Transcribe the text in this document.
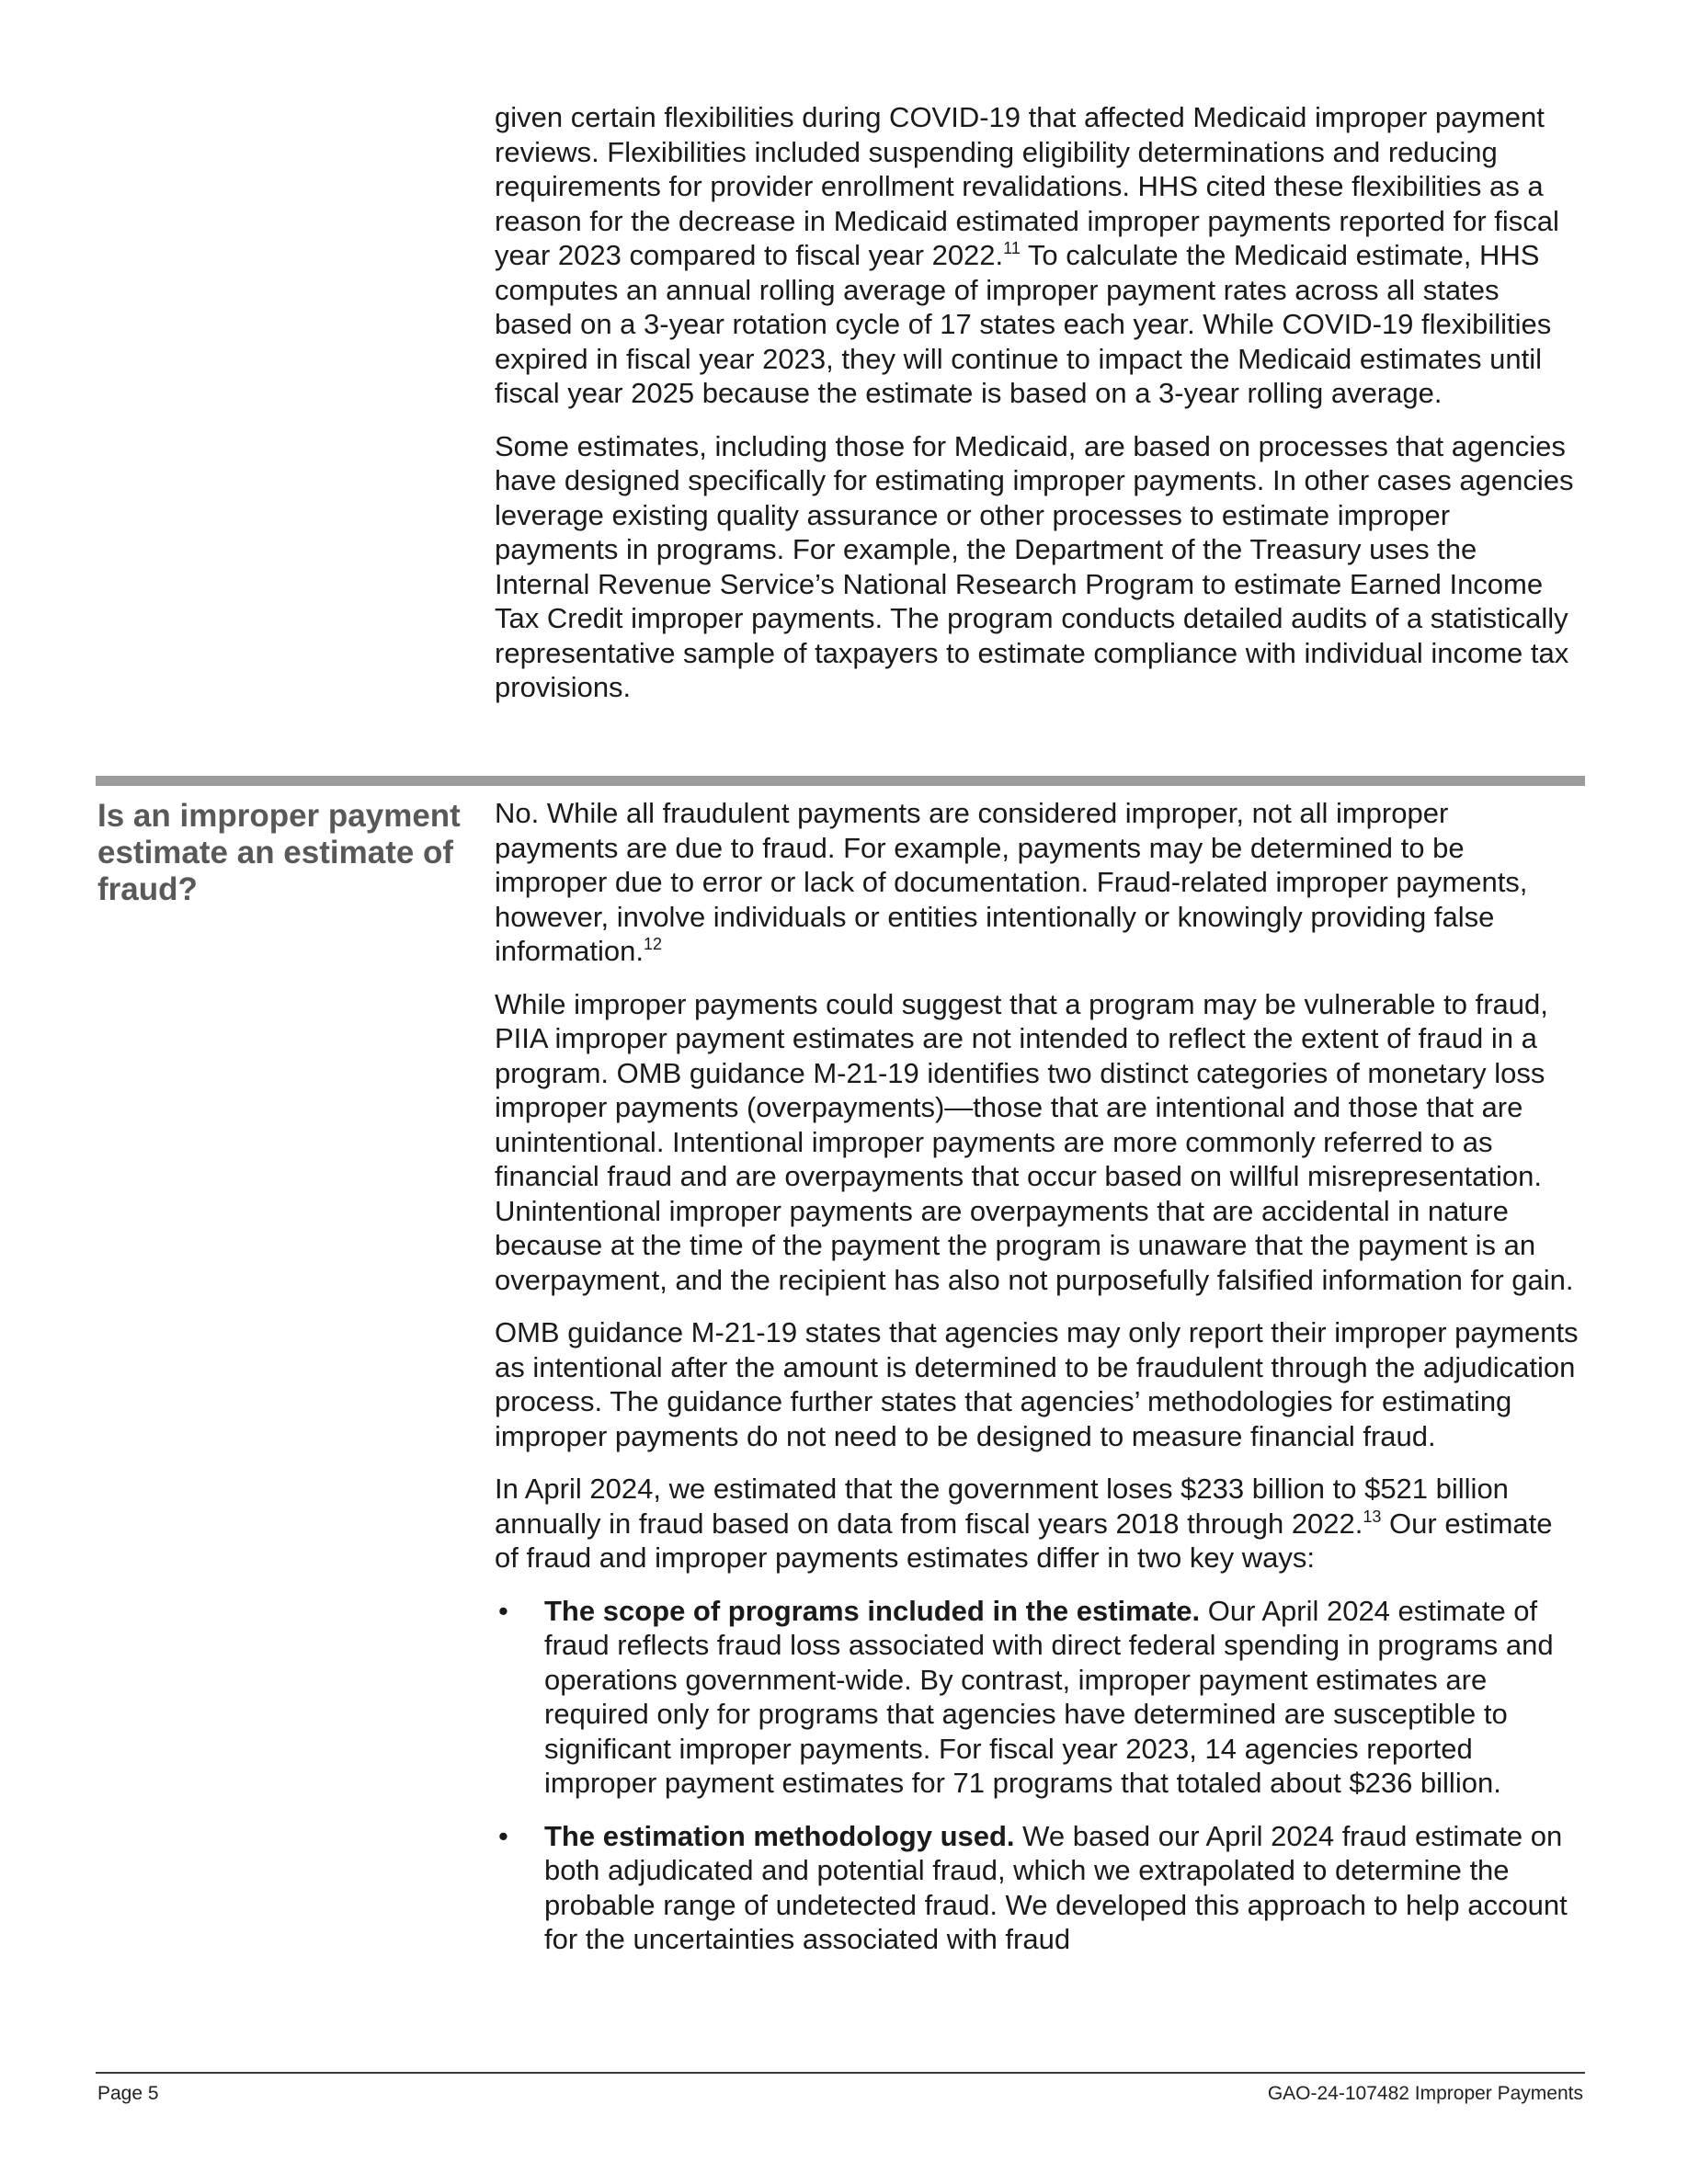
given certain flexibilities during COVID-19 that affected Medicaid improper payment reviews. Flexibilities included suspending eligibility determinations and reducing requirements for provider enrollment revalidations. HHS cited these flexibilities as a reason for the decrease in Medicaid estimated improper payments reported for fiscal year 2023 compared to fiscal year 2022.11 To calculate the Medicaid estimate, HHS computes an annual rolling average of improper payment rates across all states based on a 3-year rotation cycle of 17 states each year. While COVID-19 flexibilities expired in fiscal year 2023, they will continue to impact the Medicaid estimates until fiscal year 2025 because the estimate is based on a 3-year rolling average.

Some estimates, including those for Medicaid, are based on processes that agencies have designed specifically for estimating improper payments. In other cases agencies leverage existing quality assurance or other processes to estimate improper payments in programs. For example, the Department of the Treasury uses the Internal Revenue Service’s National Research Program to estimate Earned Income Tax Credit improper payments. The program conducts detailed audits of a statistically representative sample of taxpayers to estimate compliance with individual income tax provisions.

Is an improper payment estimate an estimate of fraud?

No. While all fraudulent payments are considered improper, not all improper payments are due to fraud. For example, payments may be determined to be improper due to error or lack of documentation. Fraud-related improper payments, however, involve individuals or entities intentionally or knowingly providing false information.$^{12}$

While improper payments could suggest that a program may be vulnerable to fraud, PIIA improper payment estimates are not intended to reflect the extent of fraud in a program. OMB guidance M-21-19 identifies two distinct categories of monetary loss improper payments (overpayments)—those that are intentional and those that are unintentional. Intentional improper payments are more commonly referred to as financial fraud and are overpayments that occur based on willful misrepresentation. Unintentional improper payments are overpayments that are accidental in nature because at the time of the payment the program is unaware that the payment is an overpayment, and the recipient has also not purposefully falsified information for gain.

OMB guidance M-21-19 states that agencies may only report their improper payments as intentional after the amount is determined to be fraudulent through the adjudication process. The guidance further states that agencies’ methodologies for estimating improper payments do not need to be designed to measure financial fraud.

In April 2024, we estimated that the government loses $233 billion to $521 billion annually in fraud based on data from fiscal years 2018 through 2022.13 Our estimate of fraud and improper payments estimates differ in two key ways:

• The scope of programs included in the estimate. Our April 2024 estimate of fraud reflects fraud loss associated with direct federal spending in programs and operations government-wide. By contrast, improper payment estimates are required only for programs that agencies have determined are susceptible to significant improper payments. For fiscal year 2023, 14 agencies reported improper payment estimates for 71 programs that totaled about $236 billion.
• The estimation methodology used. We based our April 2024 fraud estimate on both adjudicated and potential fraud, which we extrapolated to determine the probable range of undetected fraud. We developed this approach to help account for the uncertainties associated with fraud
Page 5	GAO-24-107482 Improper Payments
